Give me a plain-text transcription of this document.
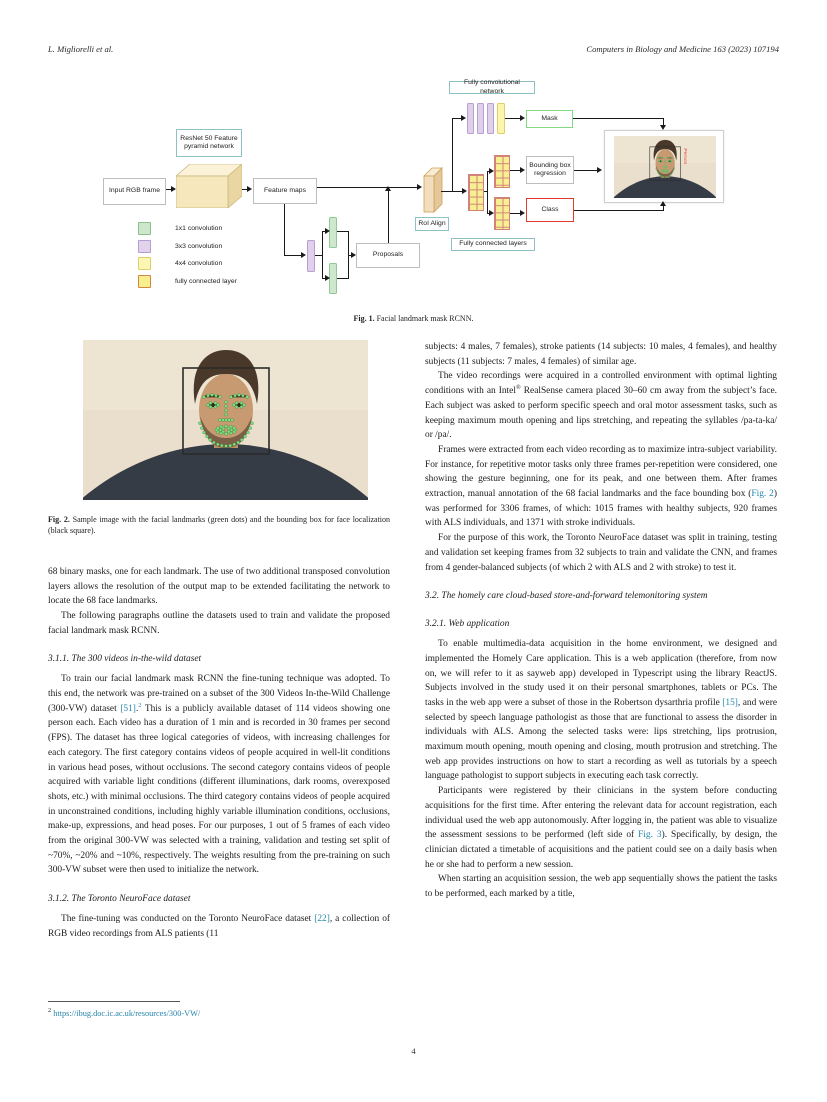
L. Migliorelli et al.	Computers in Biology and Medicine 163 (2023) 107194
Fully convolutional network
ResNet 50 Feature pyramid network
RoI Align
Fully connected layers
Input RGB frame	Feature maps
Proposals
Mask
Bounding box regression
Class
1x1 convolution
3x3 convolution
4x4 convolution
fully connected layer
Person
Fig. 1. Facial landmark mask RCNN.
Fig. 2. Sample image with the facial landmarks (green dots) and the bounding box for face localization (black square).
68 binary masks, one for each landmark. The use of two additional transposed convolution layers allows the resolution of the output map to be extended facilitating the network to locate the 68 face landmarks.
The following paragraphs outline the datasets used to train and validate the proposed facial landmark mask RCNN.
3.1.1. The 300 videos in-the-wild dataset
To train our facial landmark mask RCNN the fine-tuning technique was adopted. To this end, the network was pre-trained on a subset of the 300 Videos In-the-Wild Challenge (300-VW) dataset [51].$^2$ This is a publicly available dataset of 114 videos showing one person each. Each video has a duration of 1 min and is recorded in 30 frames per second (FPS). The dataset has three logical categories of videos, with increasing challenges for each category. The first category contains videos of people acquired in well-lit conditions in various head poses, without occlusions. The second category contains videos of people acquired with variable light conditions (different illuminations, dark rooms, overexposed shots, etc.) with minimal occlusions. The third category contains videos of people acquired in unconstrained conditions, including highly variable illumination conditions, occlusions, make-up, expressions, and head poses. For our purposes, 1 out of 5 frames of each video from the original 300-VW was selected with a training, validation and testing set split of ~70%, ~20% and ~10%, respectively. The weights resulting from the pre-training on such 300-VW subset were then used to initialize the network.
3.1.2. The Toronto NeuroFace dataset
The fine-tuning was conducted on the Toronto NeuroFace dataset [22], a collection of RGB video recordings from ALS patients (11
subjects: 4 males, 7 females), stroke patients (14 subjects: 10 males, 4 females), and healthy subjects (11 subjects: 7 males, 4 females) of similar age.
The video recordings were acquired in a controlled environment with optimal lighting conditions with an Intel® RealSense camera placed 30–60 cm away from the subject’s face. Each subject was asked to perform specific speech and oral motor assessment tasks, such as keeping maximum mouth opening and lips stretching, and repeating the syllables /pa-ta-ka/ or /pa/.
Frames were extracted from each video recording as to maximize intra-subject variability. For instance, for repetitive motor tasks only three frames per-repetition were considered, one showing the gesture beginning, one for its peak, and one between them. After frames extraction, manual annotation of the 68 facial landmarks and the face bounding box (Fig. 2) was performed for 3306 frames, of which: 1015 frames with healthy subjects, 920 frames with ALS individuals, and 1371 with stroke individuals.
For the purpose of this work, the Toronto NeuroFace dataset was split in training, testing and validation set keeping frames from 32 subjects to train and validate the CNN, and frames from 4 gender-balanced subjects (of which 2 with ALS and 2 with stroke) to test it.
3.2. The homely care cloud-based store-and-forward telemonitoring system
3.2.1. Web application
To enable multimedia-data acquisition in the home environment, we designed and implemented the Homely Care application. This is a web application (therefore, from now on, we will refer to it as sayweb app) developed in Typescript using the library ReactJS. Subjects involved in the study used it on their personal smartphones, tablets or PCs. The tasks in the web app were a subset of those in the Robertson dysarthria profile [15], and were selected by speech language pathologist as those that are functional to assess the disorder in individuals with ALS. Among the selected tasks were: lips stretching, lips protrusion, maximum mouth opening, mouth opening and closing, mouth protrusion and stretching. The web app provides instructions on how to start a recording as well as tutorials by a speech language pathologist to support subjects in executing each task correctly.
Participants were registered by their clinicians in the system before conducting acquisitions for the first time. After entering the relevant data for account registration, each individual used the web app autonomously. After logging in, the patient was able to visualize the assessment sessions to be performed (left side of Fig. 3). Specifically, by design, the clinician dictated a timetable of acquisitions and the patient could see on a daily basis when he or she had to perform a new session.
When starting an acquisition session, the web app sequentially shows the patient the tasks to be performed, each marked by a title,
$^2$ https://ibug.doc.ic.ac.uk/resources/300-VW/
4
